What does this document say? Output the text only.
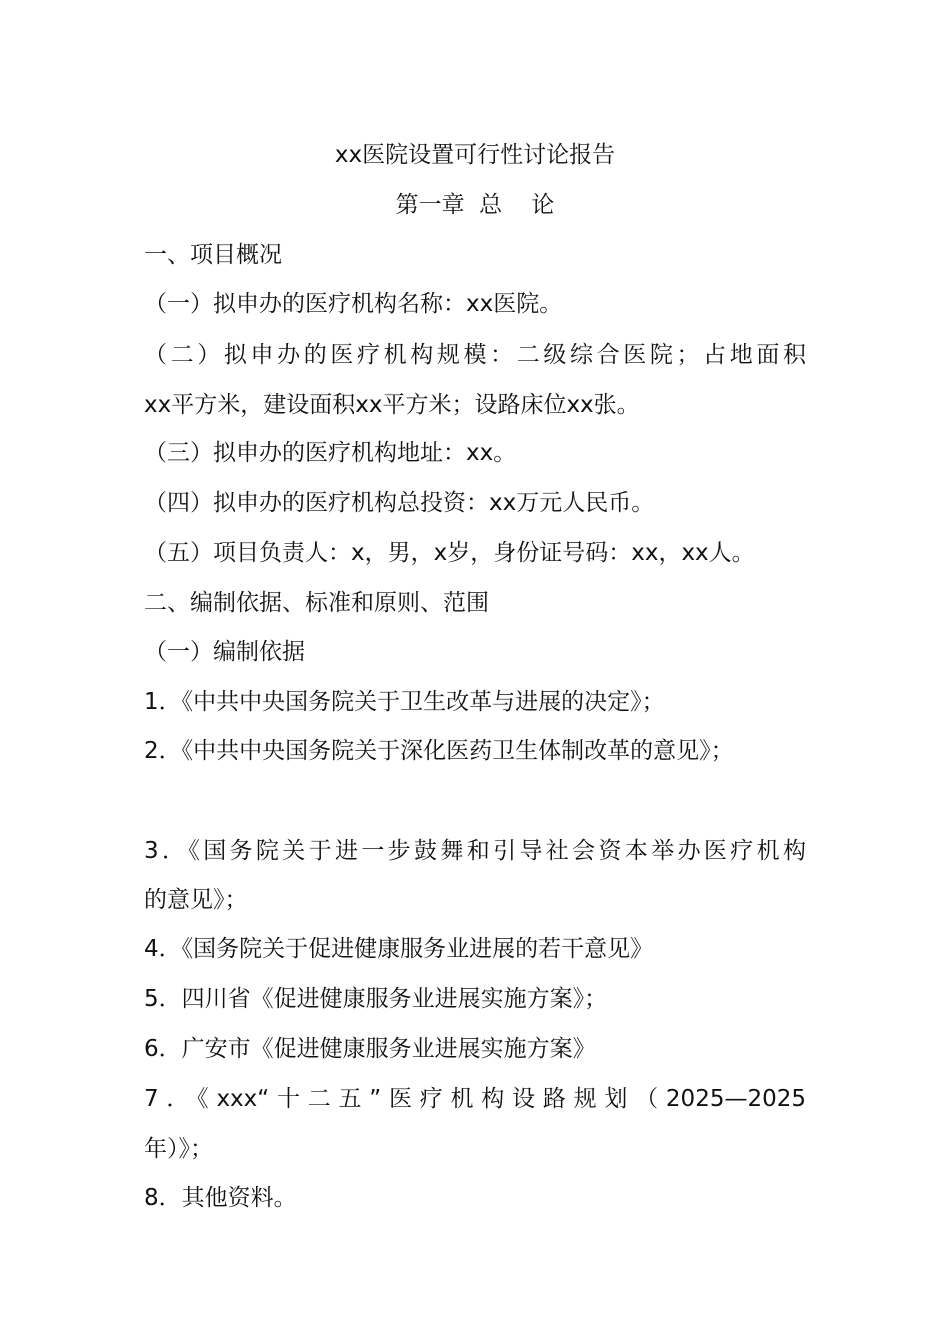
xx医院设置可行性讨论报告

第一章  总    论

一、项目概况

（一）拟申办的医疗机构名称：xx医院。

（二）拟申办的医疗机构规模：二级综合医院；占地面积

xx平方米，建设面积xx平方米；设路床位xx张。

（三）拟申办的医疗机构地址：xx。

（四）拟申办的医疗机构总投资：xx万元人民币。

（五）项目负责人：x，男，x岁，身份证号码：xx，xx人。

二、编制依据、标准和原则、范围

（一）编制依据

1．《中共中央国务院关于卫生改革与进展的决定》；

2．《中共中央国务院关于深化医药卫生体制改革的意见》；

3．《国务院关于进一步鼓舞和引导社会资本举办医疗机构

的意见》；

4．《国务院关于促进健康服务业进展的若干意见》

5．四川省《促进健康服务业进展实施方案》；

6．广安市《促进健康服务业进展实施方案》

7．《xxx“十二五”医疗机构设路规划（2025—2025

年）》；

8．其他资料。
